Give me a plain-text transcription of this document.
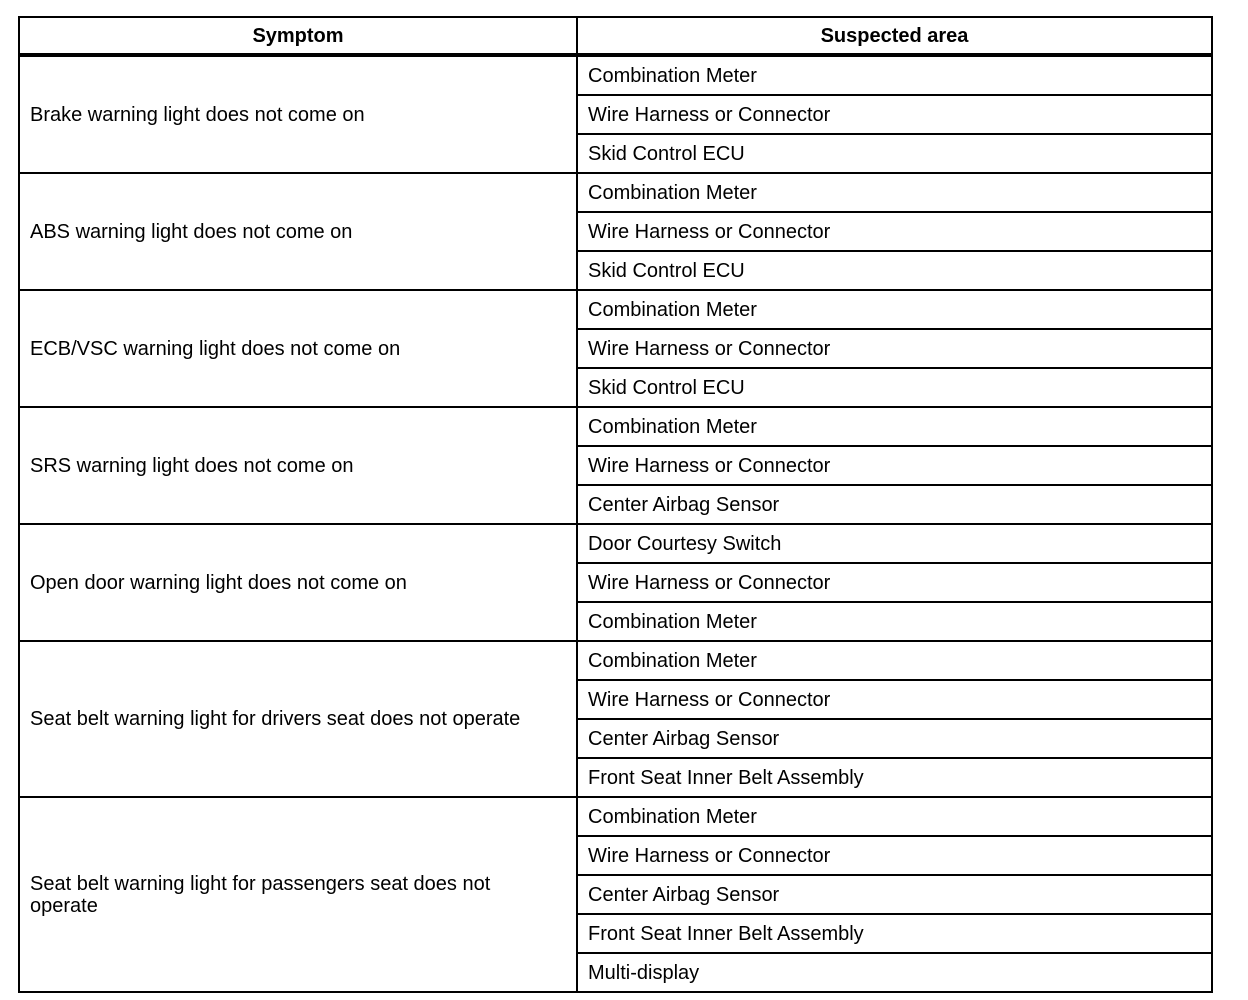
Symptom	Suspected area
Brake warning light does not come on	Combination Meter
	Wire Harness or Connector
	Skid Control ECU
ABS warning light does not come on	Combination Meter
	Wire Harness or Connector
	Skid Control ECU
ECB/VSC warning light does not come on	Combination Meter
	Wire Harness or Connector
	Skid Control ECU
SRS warning light does not come on	Combination Meter
	Wire Harness or Connector
	Center Airbag Sensor
Open door warning light does not come on	Door Courtesy Switch
	Wire Harness or Connector
	Combination Meter
Seat belt warning light for drivers seat does not operate	Combination Meter
	Wire Harness or Connector
	Center Airbag Sensor
	Front Seat Inner Belt Assembly
Seat belt warning light for passengers seat does not operate	Combination Meter
	Wire Harness or Connector
	Center Airbag Sensor
	Front Seat Inner Belt Assembly
	Multi-display
